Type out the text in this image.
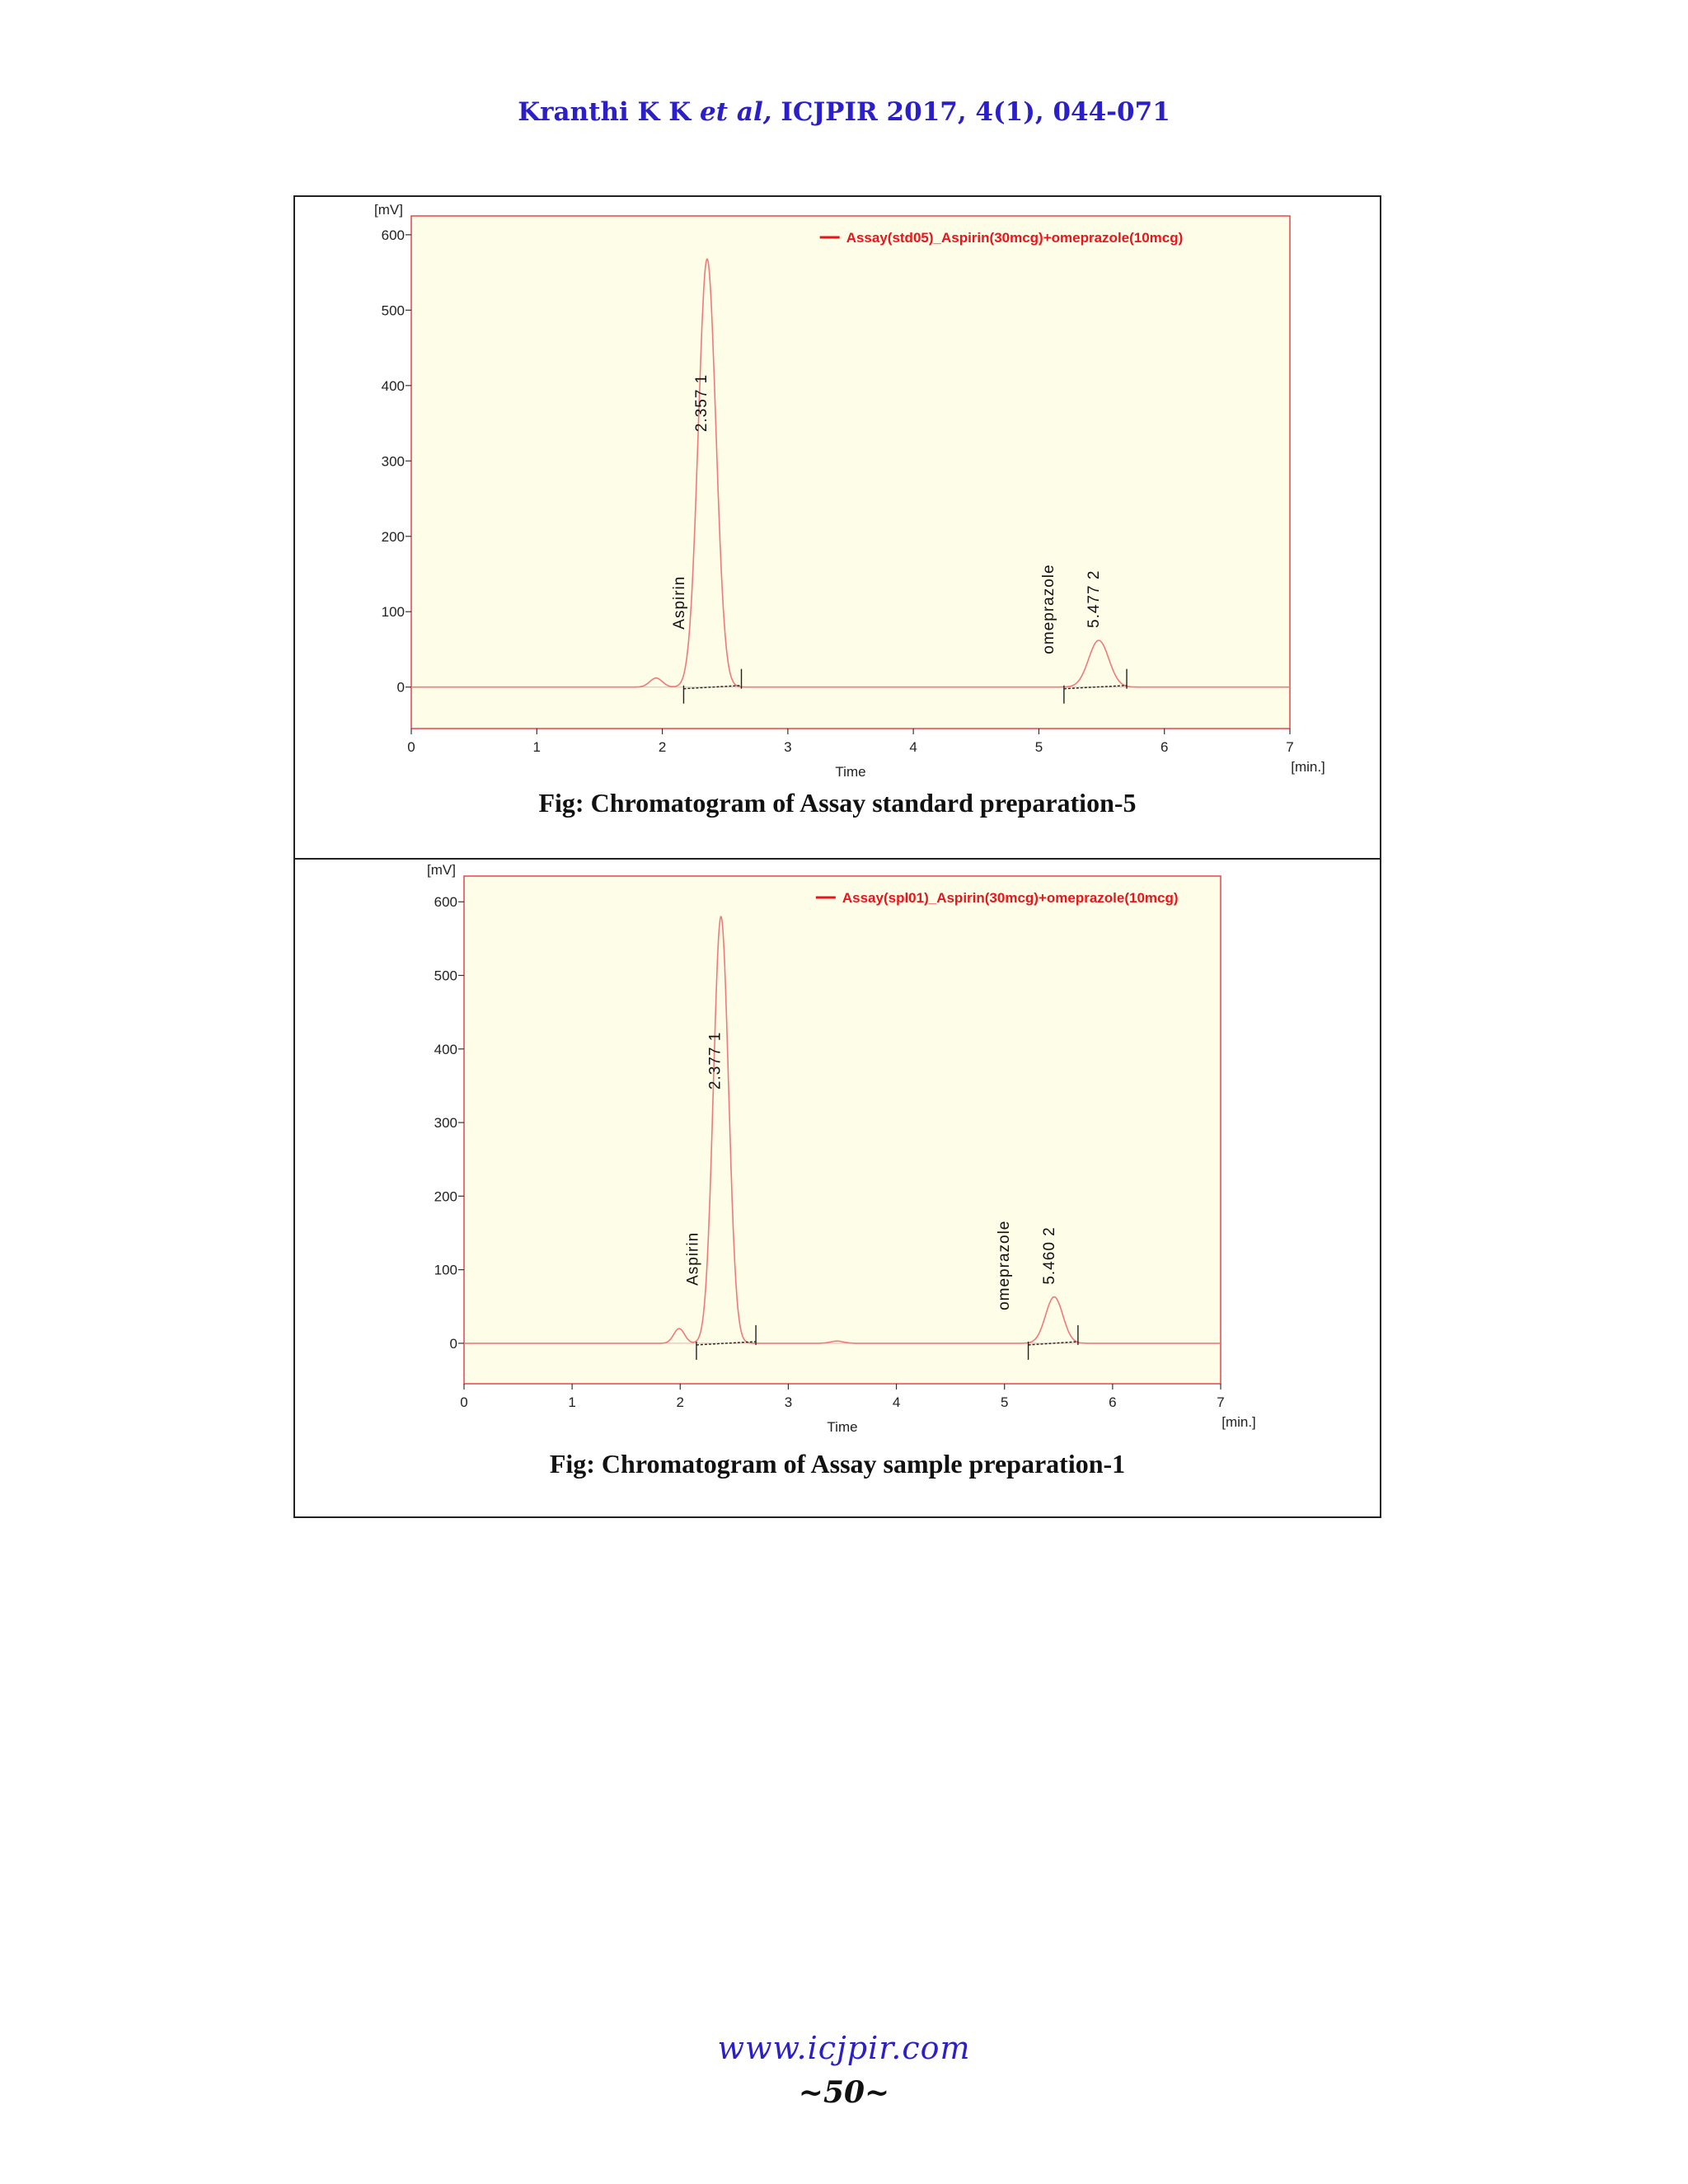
Kranthi K K et al, ICJPIR 2017, 4(1), 044-071
0
100
200
300
400
500
600
[mV]
0	1	2	3	4	5	6	7
Time	[min.]
Aspirin
2.357 1
omeprazole 5.477 2
Assay(std05)_Aspirin(30mcg)+omeprazole(10mcg)
Fig: Chromatogram of Assay standard preparation-5
0
100
200
300
400
500
600
[mV]
0	1	2	3	4	5	6	7
Time	[min.]
Aspirin
2.377 1
omeprazole 5.460 2
Assay(spl01)_Aspirin(30mcg)+omeprazole(10mcg)
Fig: Chromatogram of Assay sample preparation-1
www.icjpir.com
~50~
